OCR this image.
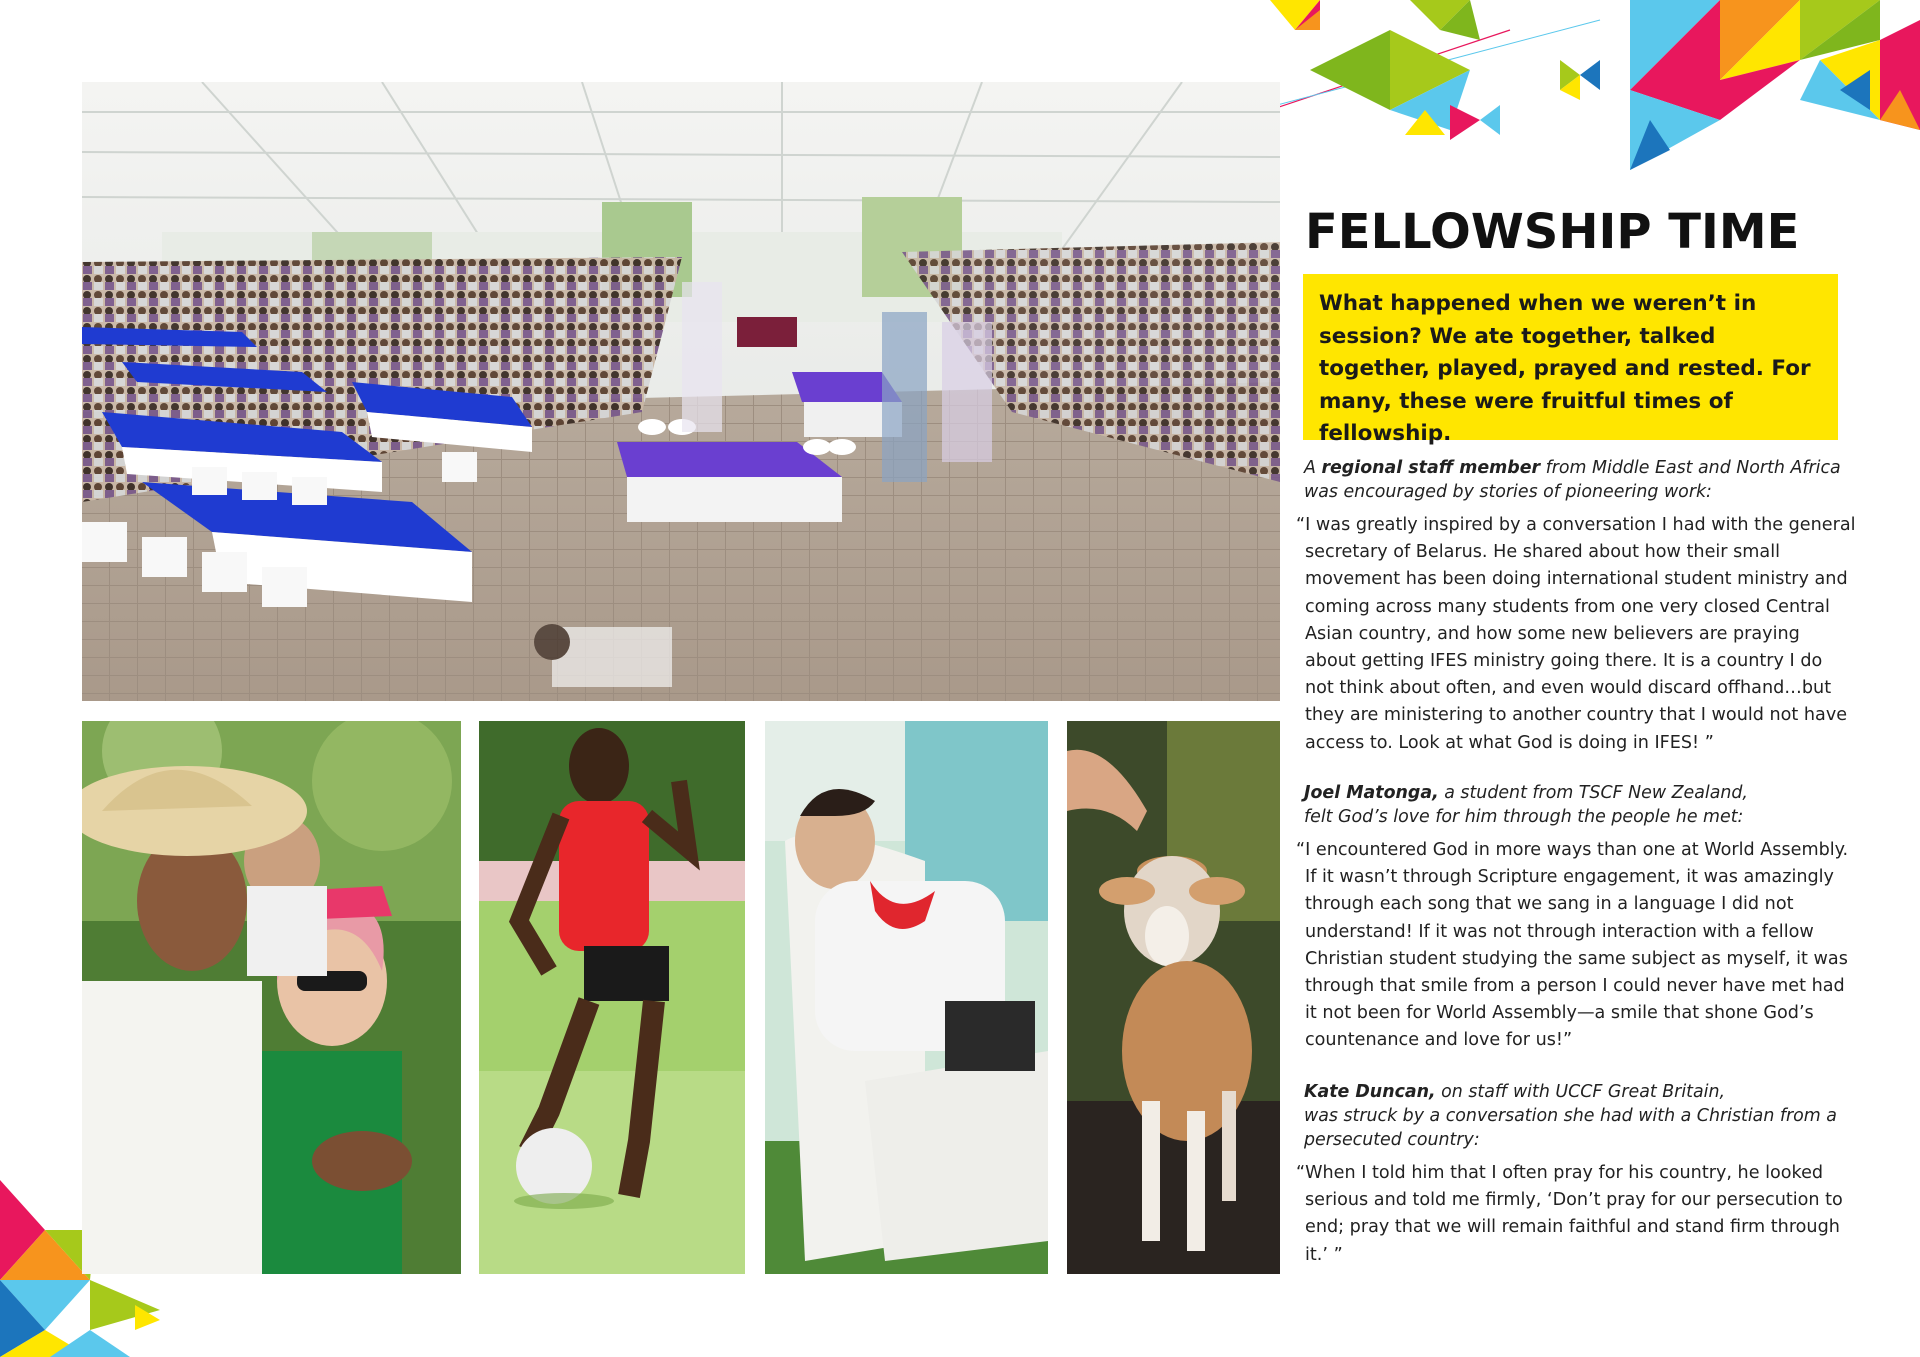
FELLOWSHIP TIME
What happened when we weren’t in session? We ate together, talked together, played, prayed and rested. For many, these were fruitful times of fellowship.

A regional staff member from Middle East and North Africa
was encouraged by stories of pioneering work:

“I was greatly inspired by a conversation I had with the general secretary of Belarus. He shared about how their small movement has been doing international student ministry and coming across many students from one very closed Central Asian country, and how some new believers are praying about getting IFES ministry going there. It is a country I do not think about often, and even would discard offhand…but they are ministering to another country that I would not have access to. Look at what God is doing in IFES! ”

Joel Matonga, a student from TSCF New Zealand,
felt God’s love for him through the people he met:

“I encountered God in more ways than one at World Assembly. If it wasn’t through Scripture engagement, it was amazingly through each song that we sang in a language I did not understand! If it was not through interaction with a fellow Christian student studying the same subject as myself, it was through that smile from a person I could never have met had it not been for World Assembly—a smile that shone God’s countenance and love for us!”

Kate Duncan, on staff with UCCF Great Britain,
was struck by a conversation she had with a Christian from a persecuted country:

“When I told him that I often pray for his country, he looked serious and told me firmly, ‘Don’t pray for our persecution to end; pray that we will remain faithful and stand firm through it.’ ”
